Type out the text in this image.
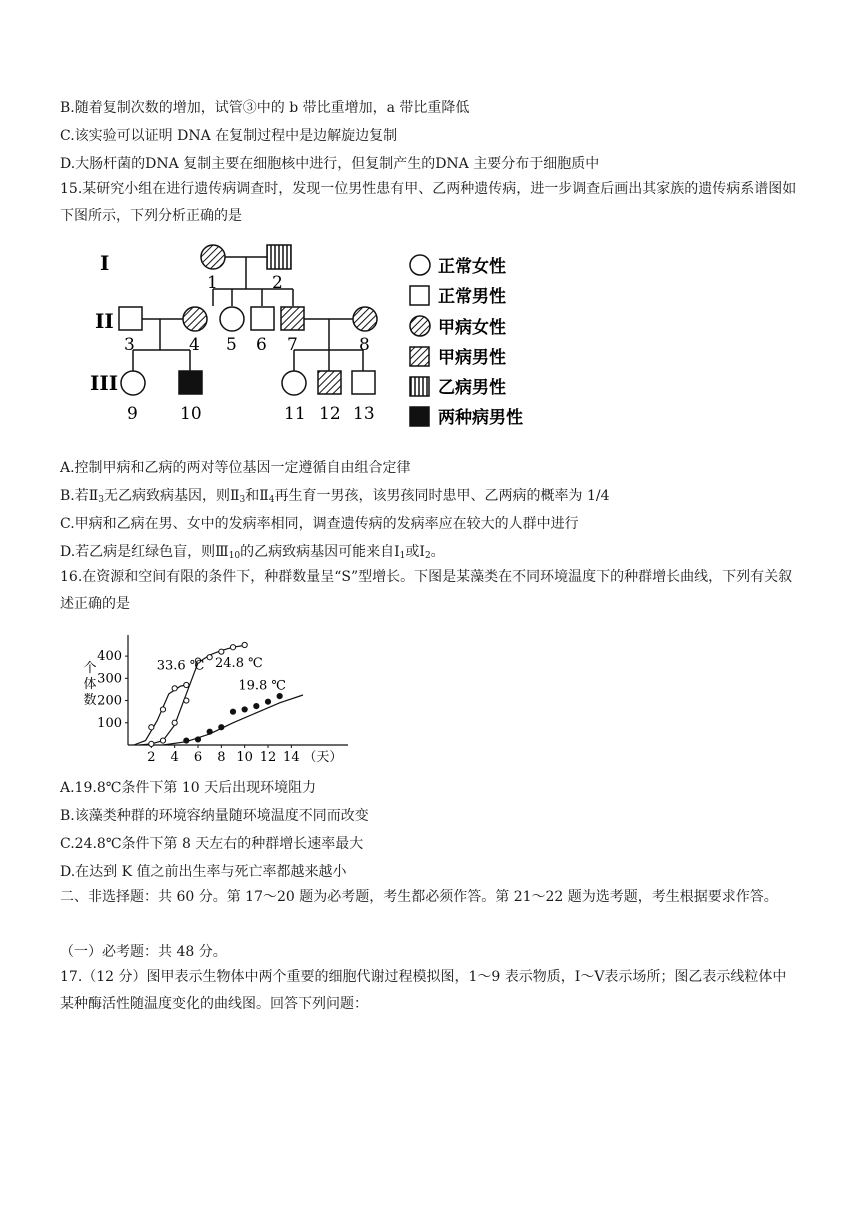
B.随着复制次数的增加，试管③中的 b 带比重增加，a 带比重降低
C.该实验可以证明 DNA 在复制过程中是边解旋边复制
D.大肠杆菌的DNA 复制主要在细胞核中进行，但复制产生的DNA 主要分布于细胞质中
15.某研究小组在进行遗传病调查时，发现一位男性患有甲、乙两种遗传病，进一步调查后画出其家族的遗传病系谱图如下图所示，下列分析正确的是
I
II
III
1	2
3	4 5 6 7	8
9 10	11 12 13
正常女性
正常男性
甲病女性
甲病男性
乙病男性
两种病男性
A.控制甲病和乙病的两对等位基因一定遵循自由组合定律
B.若$Ⅱ_3$无乙病致病基因，则$Ⅱ_3$和$Ⅱ_4$再生育一男孩，该男孩同时患甲、乙两病的概率为 1/4
C.甲病和乙病在男、女中的发病率相同，调查遗传病的发病率应在较大的人群中进行
D.若乙病是红绿色盲，则$Ⅲ_{10}$的乙病致病基因可能来自$Ⅰ_1$或$Ⅰ_2$。
16.在资源和空间有限的条件下，种群数量呈“S”型增长。下图是某藻类在不同环境温度下的种群增长曲线，下列有关叙述正确的是
2 4 6 8 10 12 14 （天）
100
200
300
400
个体数
33.6 ℃ 24.8 ℃
19.8 ℃
A.19.8℃条件下第 10 天后出现环境阻力
B.该藻类种群的环境容纳量随环境温度不同而改变
C.24.8℃条件下第 8 天左右的种群增长速率最大
D.在达到 K 值之前出生率与死亡率都越来越小
二、非选择题：共 60 分。第 17～20 题为必考题，考生都必须作答。第 21～22 题为选考题，考生根据要求作答。
（一）必考题：共 48 分。
17.（12 分）图甲表示生物体中两个重要的细胞代谢过程模拟图，1～9 表示物质，Ⅰ～Ⅴ表示场所；图乙表示线粒体中某种酶活性随温度变化的曲线图。回答下列问题：
